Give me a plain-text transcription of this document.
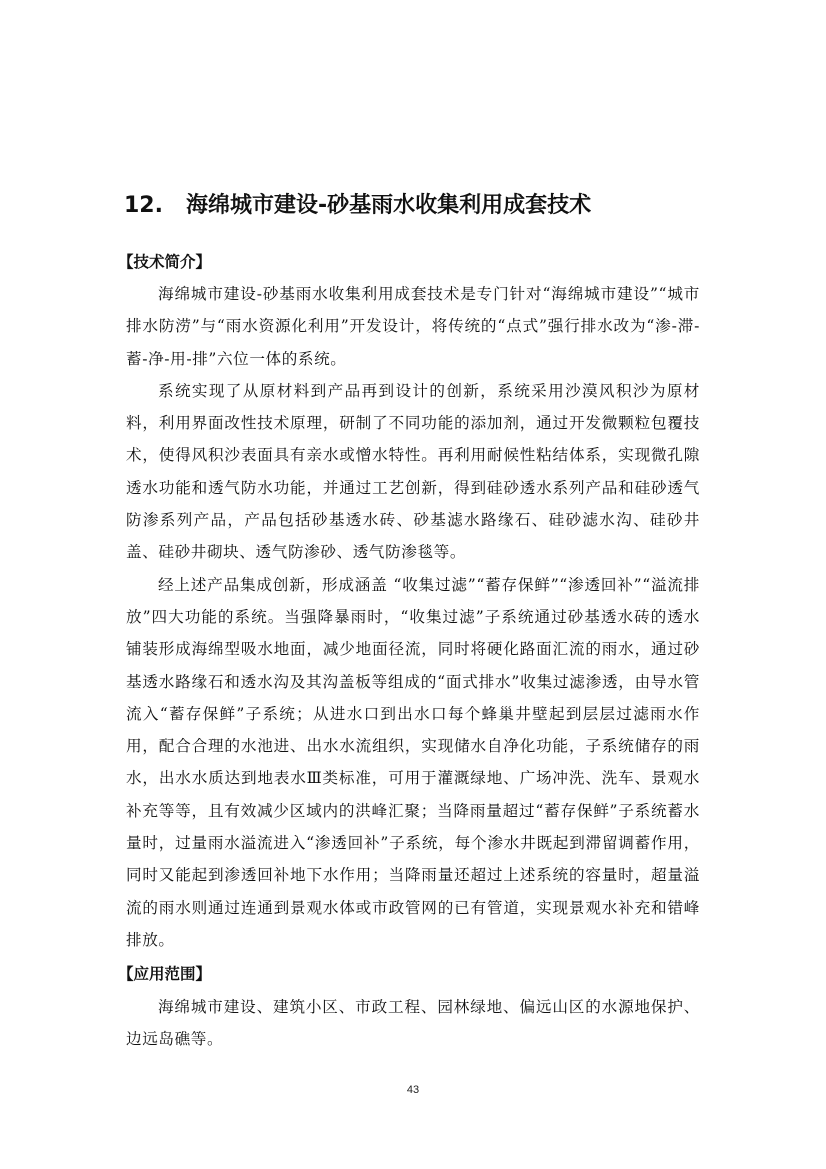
12. 海绵城市建设-砂基雨水收集利用成套技术
【技术简介】

海绵城市建设-砂基雨水收集利用成套技术是专门针对“海绵城市建设”“城市排水防涝”与“雨水资源化利用”开发设计，将传统的“点式”强行排水改为“渗-滞-蓄-净-用-排”六位一体的系统。

系统实现了从原材料到产品再到设计的创新，系统采用沙漠风积沙为原材料，利用界面改性技术原理，研制了不同功能的添加剂，通过开发微颗粒包覆技术，使得风积沙表面具有亲水或憎水特性。再利用耐候性粘结体系，实现微孔隙透水功能和透气防水功能，并通过工艺创新，得到硅砂透水系列产品和硅砂透气防渗系列产品，产品包括砂基透水砖、砂基滤水路缘石、硅砂滤水沟、硅砂井盖、硅砂井砌块、透气防渗砂、透气防渗毯等。

经上述产品集成创新，形成涵盖 “收集过滤”“蓄存保鲜”“渗透回补”“溢流排放”四大功能的系统。当强降暴雨时，“收集过滤”子系统通过砂基透水砖的透水铺装形成海绵型吸水地面，减少地面径流，同时将硬化路面汇流的雨水，通过砂基透水路缘石和透水沟及其沟盖板等组成的“面式排水”收集过滤渗透，由导水管流入“蓄存保鲜”子系统；从进水口到出水口每个蜂巢井壁起到层层过滤雨水作用，配合合理的水池进、出水水流组织，实现储水自净化功能，子系统储存的雨水，出水水质达到地表水Ⅲ类标准，可用于灌溉绿地、广场冲洗、洗车、景观水补充等等，且有效减少区域内的洪峰汇聚；当降雨量超过“蓄存保鲜”子系统蓄水量时，过量雨水溢流进入“渗透回补”子系统，每个渗水井既起到滞留调蓄作用，同时又能起到渗透回补地下水作用；当降雨量还超过上述系统的容量时，超量溢流的雨水则通过连通到景观水体或市政管网的已有管道，实现景观水补充和错峰排放。

【应用范围】

海绵城市建设、建筑小区、市政工程、园林绿地、偏远山区的水源地保护、边远岛礁等。

43
